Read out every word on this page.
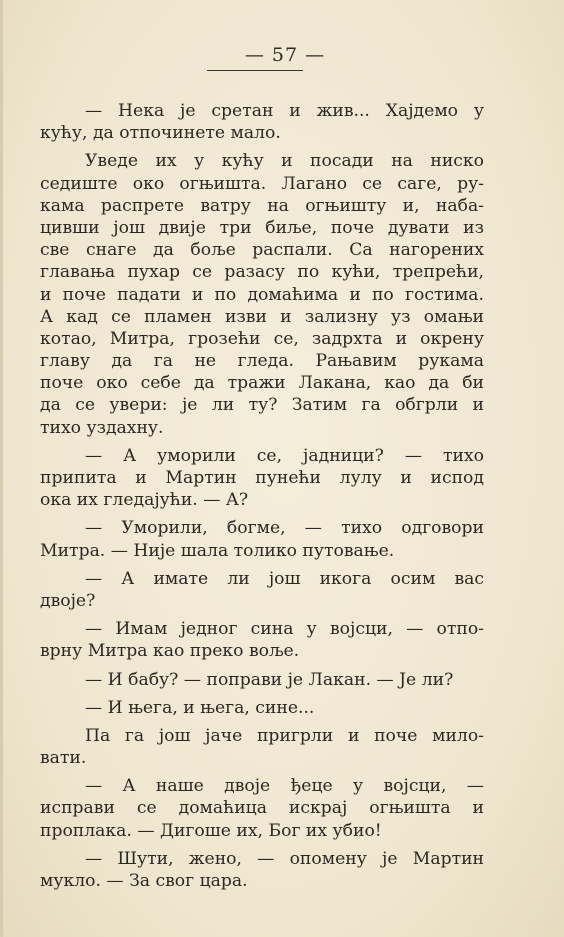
— 57 —
— Нека је сретан и жив... Хајдемо у
кућу, да отпочинете мало.
Уведе их у кућу и посади на ниско
седиште око огњишта. Лагано се саге, ру-
кама распрете ватру на огњишту и, наба-
цивши још двије три биље, поче дувати из
све снаге да боље распали. Са нагорених
главања пухар се разасу по кући, трепрећи,
и поче падати и по домаћима и по гостима.
А кад се пламен изви и зализну уз омањи
котао, Митра, грозећи се, задрхта и окрену
главу да га не гледа. Рањавим рукама
поче око себе да тражи Лакана, као да би
да се увери: је ли ту? Затим га обгрли и
тихо уздахну.
— А уморили се, јадници? — тихо
припита и Мартин пунећи лулу и испод
ока их гледајући. — А?
— Уморили, богме, — тихо одговори
Митра. — Није шала толико путовање.
— А имате ли још икога осим вас
двоје?
— Имам једног сина у војсци, — отпо-
врну Митра као преко воље.
— И бабу? — поправи је Лакан. — Је ли?
— И њега, и њега, сине...
Па га још јаче пригрли и поче мило-
вати.
— А наше двоје ђеце у војсци, —
исправи се домаћица искрај огњишта и
проплака. — Дигоше их, Бог их убио!
— Шути, жено, — опомену је Мартин
мукло. — За свог цара.
